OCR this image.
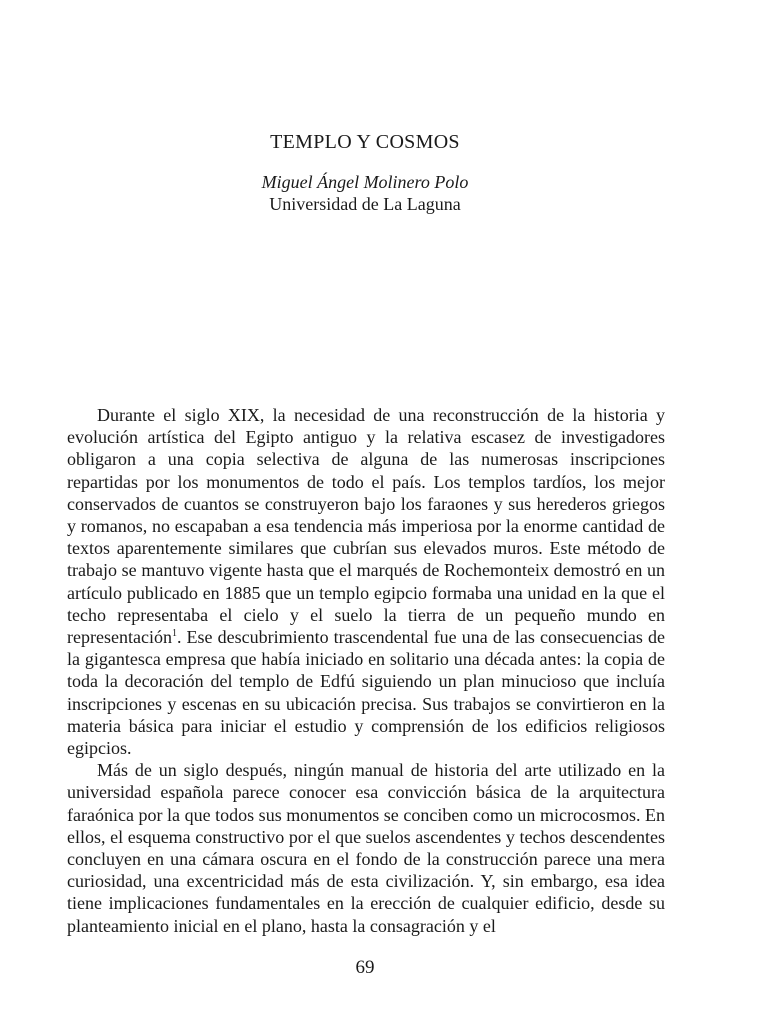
TEMPLO Y COSMOS
Miguel Ángel Molinero Polo
Universidad de La Laguna

Durante el siglo XIX, la necesidad de una reconstrucción de la historia y evolución artística del Egipto antiguo y la relativa escasez de investigadores obligaron a una copia selectiva de alguna de las numerosas inscripciones repartidas por los monumentos de todo el país. Los templos tardíos, los mejor conservados de cuantos se construyeron bajo los faraones y sus herederos griegos y romanos, no escapaban a esa tendencia más imperiosa por la enorme cantidad de textos aparentemente similares que cubrían sus elevados muros. Este método de trabajo se mantuvo vigente hasta que el marqués de Rochemonteix demostró en un artículo publicado en 1885 que un templo egipcio formaba una unidad en la que el techo representaba el cielo y el suelo la tierra de un pequeño mundo en representación$^1$. Ese descubrimiento trascendental fue una de las consecuencias de la gigantesca empresa que había iniciado en solitario una década antes: la copia de toda la decoración del templo de Edfú siguiendo un plan minucioso que incluía inscripciones y escenas en su ubicación precisa. Sus trabajos se convirtieron en la materia básica para iniciar el estudio y comprensión de los edificios religiosos egipcios.

Más de un siglo después, ningún manual de historia del arte utilizado en la universidad española parece conocer esa convicción básica de la arquitectura faraónica por la que todos sus monumentos se conciben como un microcosmos. En ellos, el esquema constructivo por el que suelos ascendentes y techos descendentes concluyen en una cámara oscura en el fondo de la construcción parece una mera curiosidad, una excentricidad más de esta civilización. Y, sin embargo, esa idea tiene implicaciones fundamentales en la erección de cualquier edificio, desde su planteamiento inicial en el plano, hasta la consagración y el

69
